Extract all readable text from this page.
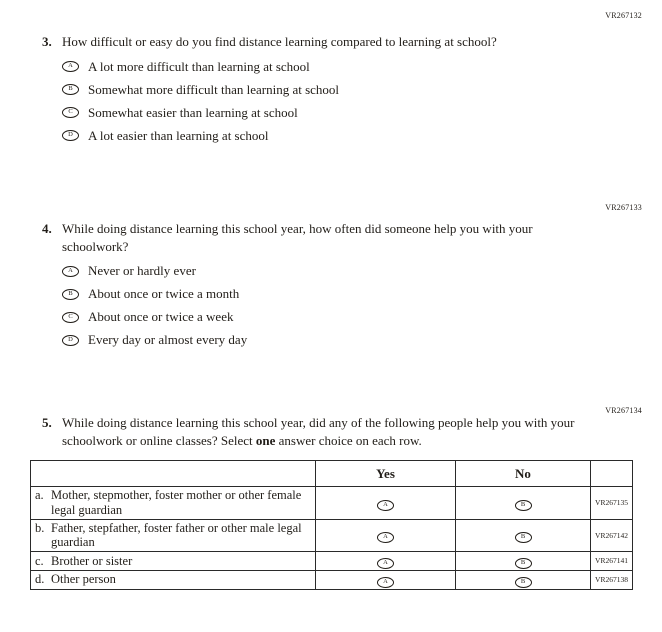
VR267132
VR267133
VR267134
3. How difficult or easy do you find distance learning compared to learning at school?
A A lot more difficult than learning at school
B Somewhat more difficult than learning at school
C Somewhat easier than learning at school
D A lot easier than learning at school
4. While doing distance learning this school year, how often did someone help you with your schoolwork?
A Never or hardly ever
B About once or twice a month
C About once or twice a week
D Every day or almost every day
5. While doing distance learning this school year, did any of the following people help you with your schoolwork or online classes? Select one answer choice on each row.
	Yes	No	

a. Mother, stepmother, foster mother or other female legal guardian	A	B	VR267135

b. Father, stepfather, foster father or other male legal guardian	A	B	VR267142

c. Brother or sister	A	B	VR267141

d. Other person	A	B	VR267138
